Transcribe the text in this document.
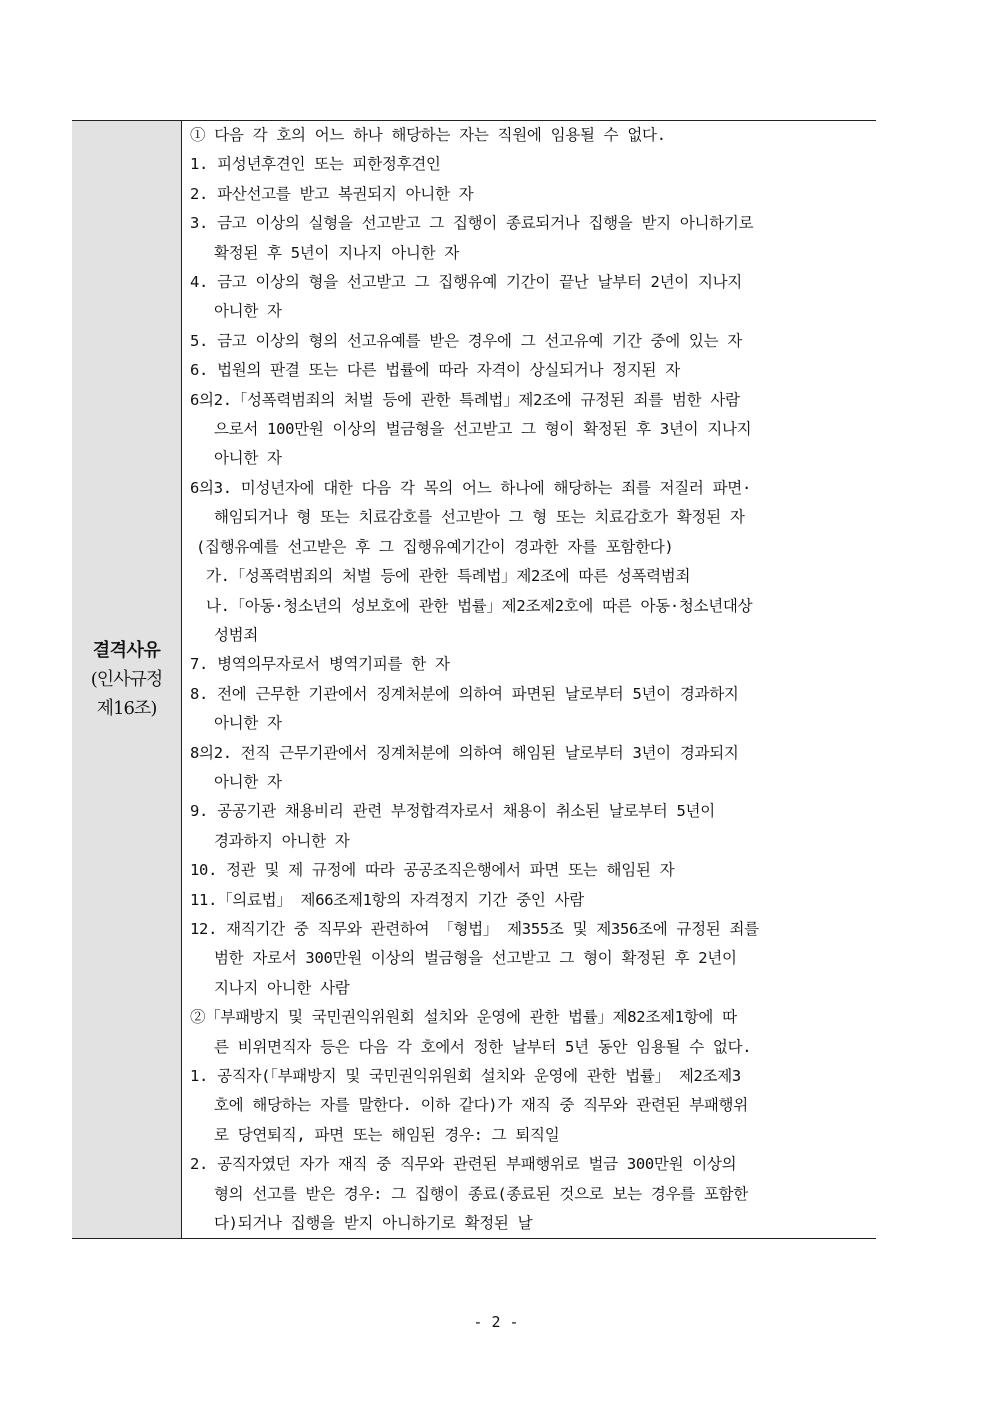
결격사유
(인사규정
제16조)
① 다음 각 호의 어느 하나 해당하는 자는 직원에 임용될 수 없다.
1. 피성년후견인 또는 피한정후견인
2. 파산선고를 받고 복권되지 아니한 자
3. 금고 이상의 실형을 선고받고 그 집행이 종료되거나 집행을 받지 아니하기로
확정된 후 5년이 지나지 아니한 자
4. 금고 이상의 형을 선고받고 그 집행유예 기간이 끝난 날부터 2년이 지나지
아니한 자
5. 금고 이상의 형의 선고유예를 받은 경우에 그 선고유예 기간 중에 있는 자
6. 법원의 판결 또는 다른 법률에 따라 자격이 상실되거나 정지된 자
6의2.「성폭력범죄의 처벌 등에 관한 특례법」제2조에 규정된 죄를 범한 사람
으로서 100만원 이상의 벌금형을 선고받고 그 형이 확정된 후 3년이 지나지
아니한 자
6의3. 미성년자에 대한 다음 각 목의 어느 하나에 해당하는 죄를 저질러 파면·
해임되거나 형 또는 치료감호를 선고받아 그 형 또는 치료감호가 확정된 자
(집행유예를 선고받은 후 그 집행유예기간이 경과한 자를 포함한다)
가.「성폭력범죄의 처벌 등에 관한 특례법」제2조에 따른 성폭력범죄
나.「아동·청소년의 성보호에 관한 법률」제2조제2호에 따른 아동·청소년대상
성범죄
7. 병역의무자로서 병역기피를 한 자
8. 전에 근무한 기관에서 징계처분에 의하여 파면된 날로부터 5년이 경과하지
아니한 자
8의2. 전직 근무기관에서 징계처분에 의하여 해임된 날로부터 3년이 경과되지
아니한 자
9. 공공기관 채용비리 관련 부정합격자로서 채용이 취소된 날로부터 5년이
경과하지 아니한 자
10. 정관 및 제 규정에 따라 공공조직은행에서 파면 또는 해임된 자
11.「의료법」 제66조제1항의 자격정지 기간 중인 사람
12. 재직기간 중 직무와 관련하여 「형법」 제355조 및 제356조에 규정된 죄를
범한 자로서 300만원 이상의 벌금형을 선고받고 그 형이 확정된 후 2년이
지나지 아니한 사람
②「부패방지 및 국민권익위원회 설치와 운영에 관한 법률」제82조제1항에 따
른 비위면직자 등은 다음 각 호에서 정한 날부터 5년 동안 임용될 수 없다.
1. 공직자(「부패방지 및 국민권익위원회 설치와 운영에 관한 법률」 제2조제3
호에 해당하는 자를 말한다. 이하 같다)가 재직 중 직무와 관련된 부패행위
로 당연퇴직, 파면 또는 해임된 경우: 그 퇴직일
2. 공직자였던 자가 재직 중 직무와 관련된 부패행위로 벌금 300만원 이상의
형의 선고를 받은 경우: 그 집행이 종료(종료된 것으로 보는 경우를 포함한
다)되거나 집행을 받지 아니하기로 확정된 날
- 2 -
